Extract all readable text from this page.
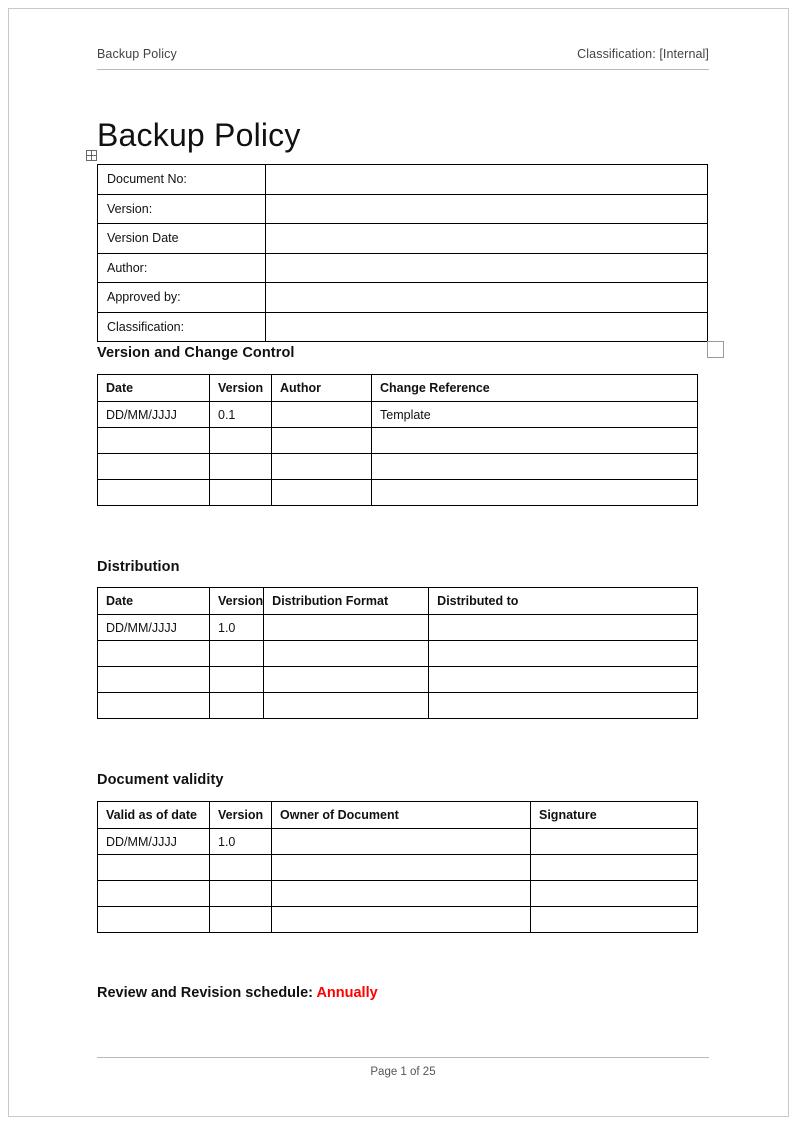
Backup Policy	Classification: [Internal]
Backup Policy
Document No:	
Version:	
Version Date	
Author:	
Approved by:	
Classification:	
Version and Change Control
Date	Version	Author	Change Reference
DD/MM/JJJJ	0.1		Template

Distribution
Date	Version	Distribution Format	Distributed to
DD/MM/JJJJ	1.0		

Document validity
Valid as of date	Version	Owner of Document	Signature
DD/MM/JJJJ	1.0		

Review and Revision schedule: Annually
Page 1 of 25
